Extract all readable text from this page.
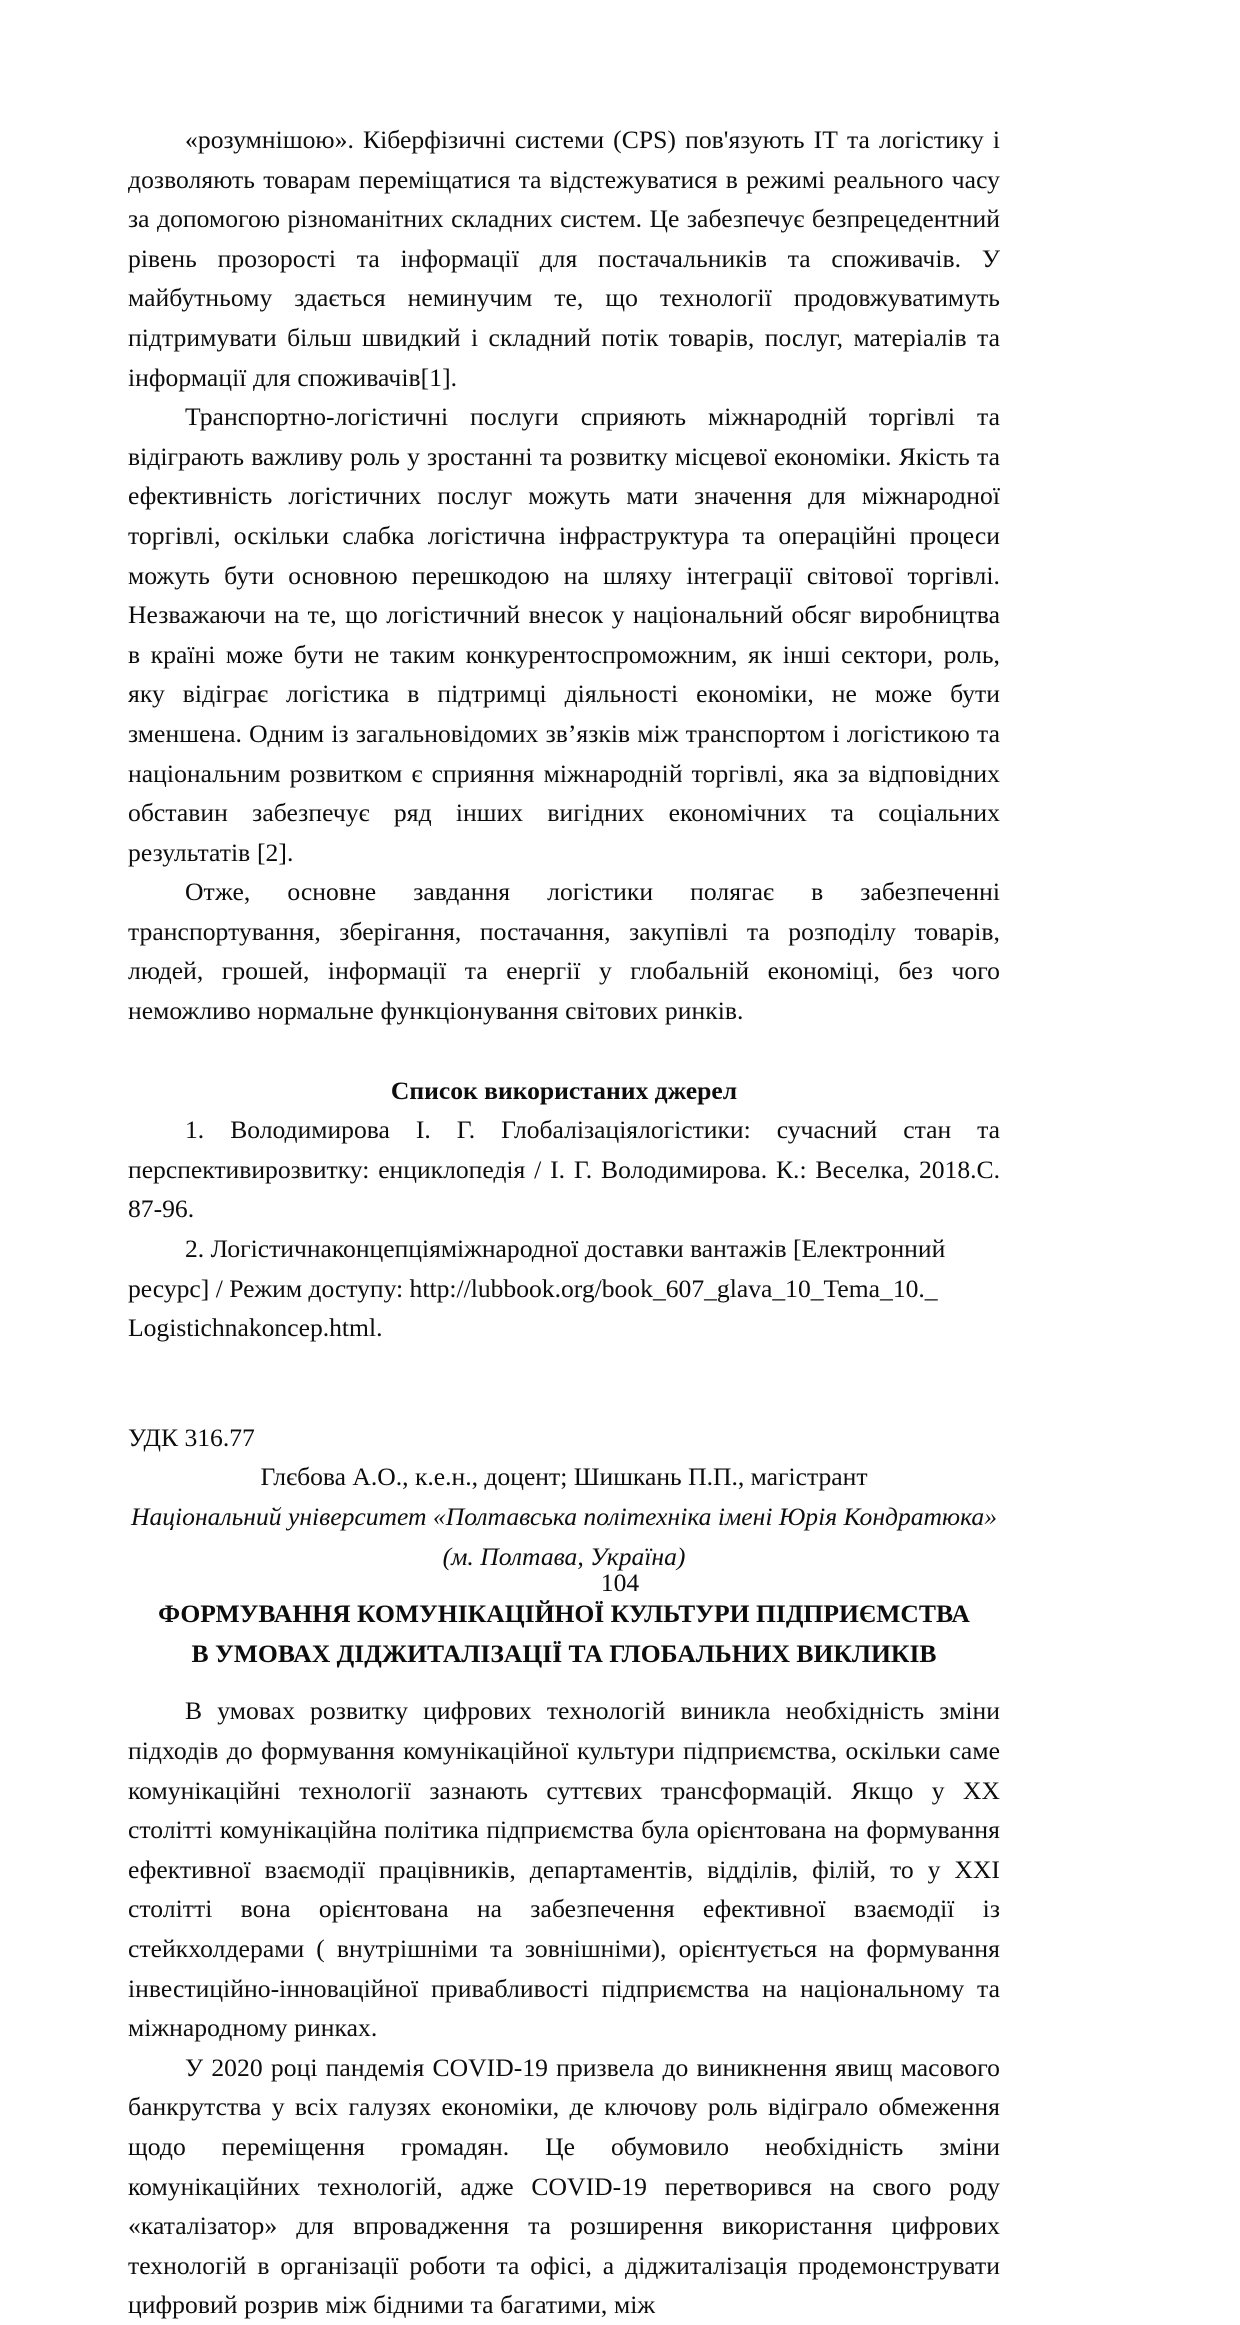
«розумнішою». Кіберфізичні системи (CPS) пов'язують ІТ та логістику і дозволяють товарам переміщатися та відстежуватися в режимі реального часу за допомогою різноманітних складних систем. Це забезпечує безпрецедентний рівень прозорості та інформації для постачальників та споживачів. У майбутньому здається неминучим те, що технології продовжуватимуть підтримувати більш швидкий і складний потік товарів, послуг, матеріалів та інформації для споживачів[1].

Транспортно-логістичні послуги сприяють міжнародній торгівлі та відіграють важливу роль у зростанні та розвитку місцевої економіки. Якість та ефективність логістичних послуг можуть мати значення для міжнародної торгівлі, оскільки слабка логістична інфраструктура та операційні процеси можуть бути основною перешкодою на шляху інтеграції світової торгівлі. Незважаючи на те, що логістичний внесок у національний обсяг виробництва в країні може бути не таким конкурентоспроможним, як інші сектори, роль, яку відіграє логістика в підтримці діяльності економіки, не може бути зменшена. Одним із загальновідомих зв’язків між транспортом і логістикою та національним розвитком є сприяння міжнародній торгівлі, яка за відповідних обставин забезпечує ряд інших вигідних економічних та соціальних результатів [2].

Отже, основне завдання логістики полягає в забезпеченні транспортування, зберігання, постачання, закупівлі та розподілу товарів, людей, грошей, інформації та енергії у глобальній економіці, без чого неможливо нормальне функціонування світових ринків.

Список використаних джерел

1. Володимирова І. Г. Глобалізаціялогістики: сучасний стан та перспективирозвитку: енциклопедія / І. Г. Володимирова. К.: Веселка, 2018.С. 87-96.

2. Логістичнаконцепціяміжнародної доставки вантажів [Електронний ресурс] / Режим доступу: http://lubbook.org/book_607_glava_10_Tema_10._ Logistichnakoncep.html.

УДК 316.77
Глєбова А.О., к.е.н., доцент; Шишкань П.П., магістрант
Національний університет «Полтавська політехніка імені Юрія Кондратюка»
(м. Полтава, Україна)
ФОРМУВАННЯ КОМУНІКАЦІЙНОЇ КУЛЬТУРИ ПІДПРИЄМСТВА В УМОВАХ ДІДЖИТАЛІЗАЦІЇ ТА ГЛОБАЛЬНИХ ВИКЛИКІВ

В умовах розвитку цифрових технологій виникла необхідність зміни підходів до формування комунікаційної культури підприємства, оскільки саме комунікаційні технології зазнають суттєвих трансформацій. Якщо у XX столітті комунікаційна політика підприємства була орієнтована на формування ефективної взаємодії працівників, департаментів, відділів, філій, то у XXI столітті вона орієнтована на забезпечення ефективної взаємодії із стейкхолдерами ( внутрішніми та зовнішніми), орієнтується на формування інвестиційно-інноваційної привабливості підприємства на національному та міжнародному ринках.

У 2020 році пандемія COVID-19 призвела до виникнення явищ масового банкрутства у всіх галузях економіки, де ключову роль відіграло обмеження щодо переміщення громадян. Це обумовило необхідність зміни комунікаційних технологій, адже COVID-19 перетворився на свого роду «каталізатор» для впровадження та розширення використання цифрових технологій в організації роботи та офісі, а діджиталізація продемонструвати цифровий розрив між бідними та багатими, між

104
